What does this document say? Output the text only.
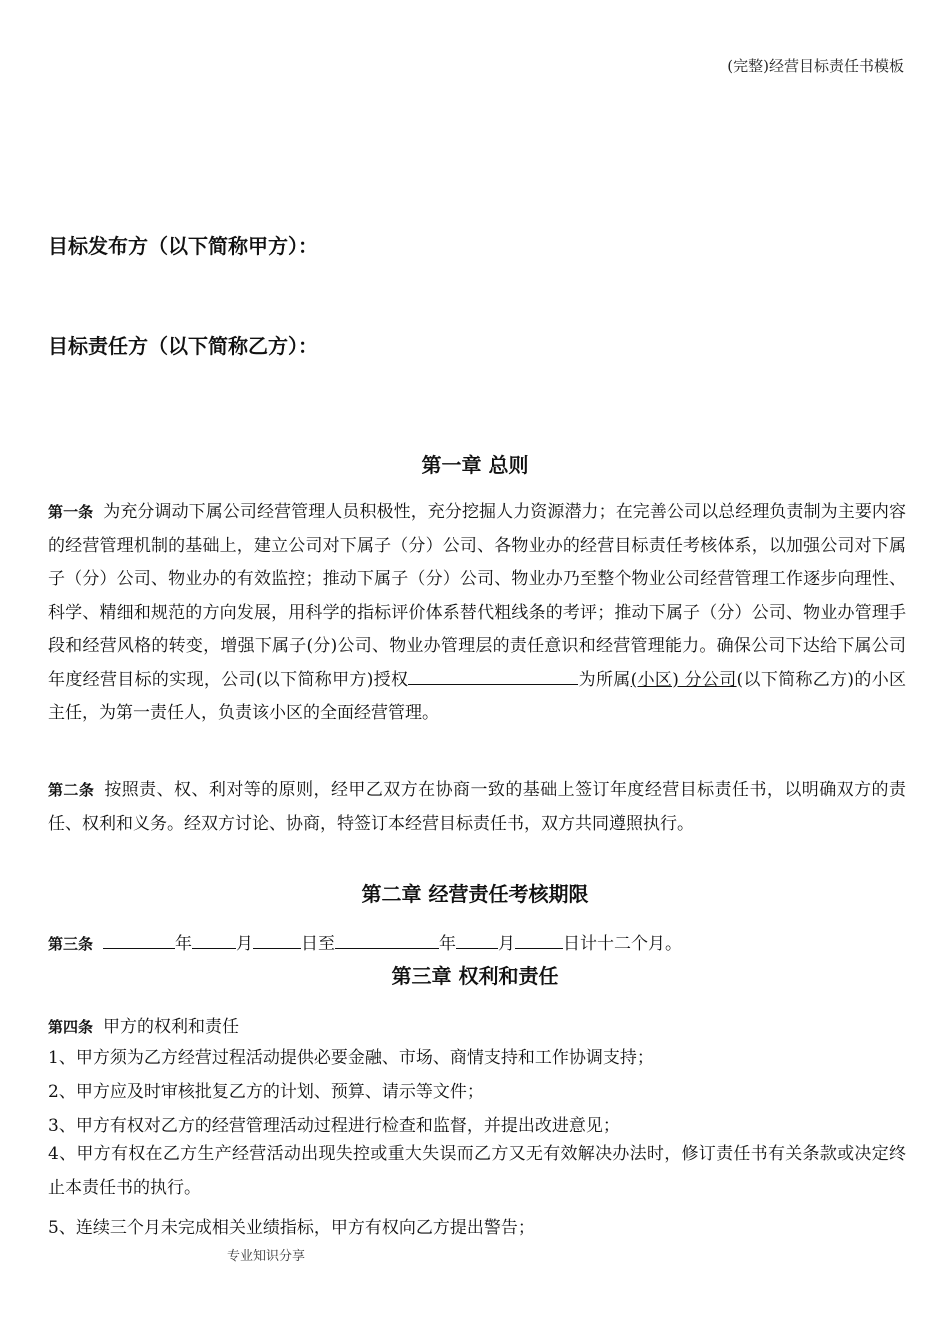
(完整)经营目标责任书模板
目标发布方（以下简称甲方）：
目标责任方（以下简称乙方）：
第一章 总则

第一条 为充分调动下属公司经营管理人员积极性，充分挖掘人力资源潜力；在完善公司以总经理负责制为主要内容的经营管理机制的基础上，建立公司对下属子（分）公司、各物业办的经营目标责任考核体系，以加强公司对下属子（分）公司、物业办的有效监控；推动下属子（分）公司、物业办乃至整个物业公司经营管理工作逐步向理性、科学、精细和规范的方向发展，用科学的指标评价体系替代粗线条的考评；推动下属子（分）公司、物业办管理手段和经营风格的转变，增强下属子(分)公司、物业办管理层的责任意识和经营管理能力。确保公司下达给下属公司年度经营目标的实现，公司(以下简称甲方)授权	为所属(小区) 分公司(以下简称乙方)的小区主任，为第一责任人，负责该小区的全面经营管理。

第二条 按照责、权、利对等的原则，经甲乙双方在协商一致的基础上签订年度经营目标责任书，以明确双方的责任、权利和义务。经双方讨论、协商，特签订本经营目标责任书，双方共同遵照执行。

第二章 经营责任考核期限
第三条	年	月	日至	年 月	日计十二个月。
第三章 权利和责任
第四条 甲方的权利和责任
1、甲方须为乙方经营过程活动提供必要金融、市场、商情支持和工作协调支持；
2、甲方应及时审核批复乙方的计划、预算、请示等文件；
3、甲方有权对乙方的经营管理活动过程进行检查和监督，并提出改进意见；

4、甲方有权在乙方生产经营活动出现失控或重大失误而乙方又无有效解决办法时，修订责任书有关条款或决定终止本责任书的执行。

5、连续三个月未完成相关业绩指标，甲方有权向乙方提出警告；
专业知识分享
